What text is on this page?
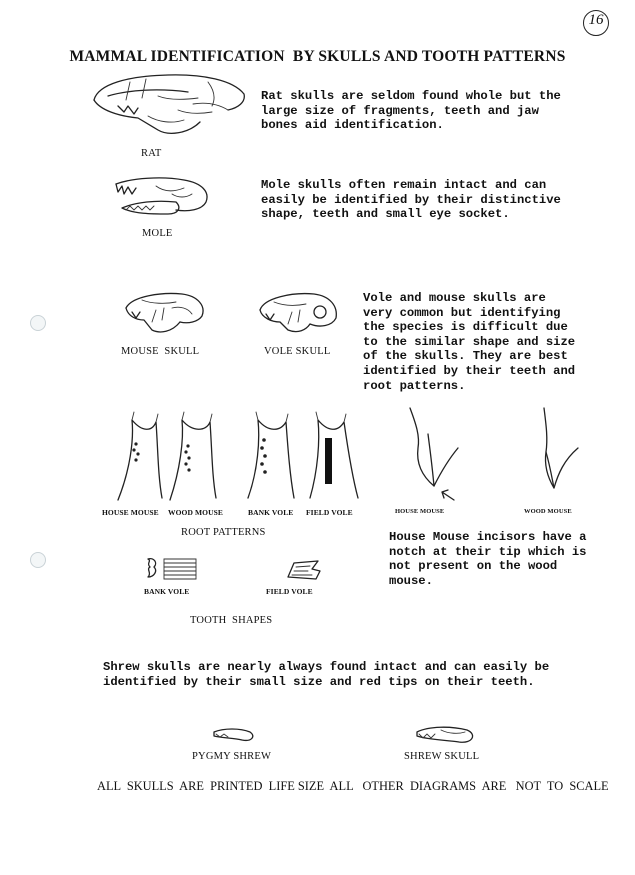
16
MAMMAL IDENTIFICATION  BY SKULLS AND TOOTH PATTERNS
RAT
Rat skulls are seldom found whole but the
large size of fragments, teeth and jaw
bones aid identification.
MOLE
Mole skulls often remain intact and can
easily be identified by their distinctive
shape, teeth and small eye socket.
MOUSE  SKULL	VOLE SKULL
Vole and mouse skulls are
very common but identifying
the species is difficult due
to the similar shape and size
of the skulls. They are best
identified by their teeth and
root patterns.
HOUSE MOUSE WOOD MOUSE	BANK VOLE FIELD VOLE
ROOT PATTERNS
HOUSE MOUSE	WOOD MOUSE
House Mouse incisors have a
notch at their tip which is
not present on the wood
mouse.
BANK VOLE	FIELD VOLE
TOOTH  SHAPES
Shrew skulls are nearly always found intact and can easily be
identified by their small size and red tips on their teeth.
PYGMY SHREW	SHREW SKULL
ALL  SKULLS  ARE  PRINTED  LIFE SIZE  ALL   OTHER  DIAGRAMS  ARE   NOT  TO  SCALE
